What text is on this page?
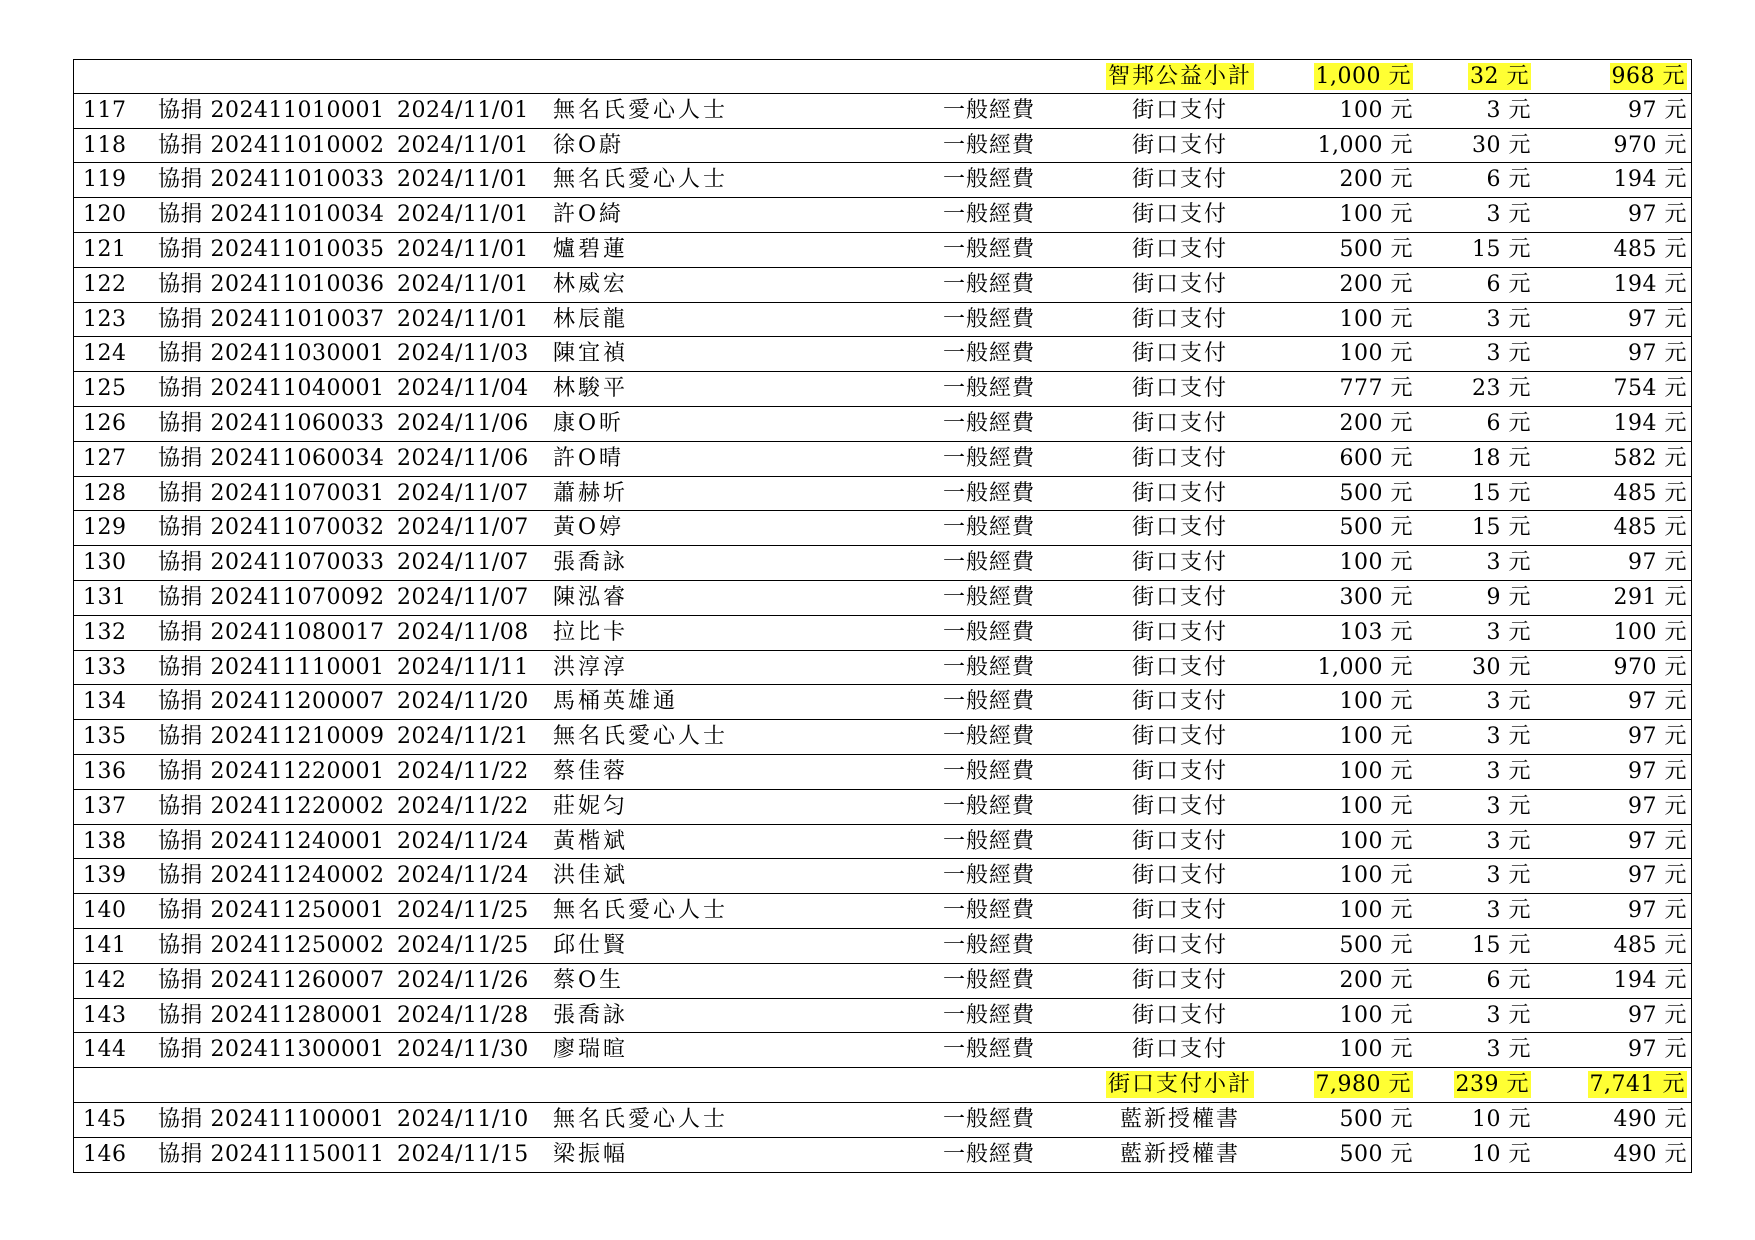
智邦公益小計	1,000 元	32 元	968 元
117 協捐 202411010001 2024/11/01 無名氏愛心人士	一般經費	街口支付	100 元	3 元	97 元
118 協捐 202411010002 2024/11/01 徐O蔚	一般經費	街口支付	1,000 元	30 元	970 元
119 協捐 202411010033 2024/11/01 無名氏愛心人士	一般經費	街口支付	200 元	6 元	194 元
120 協捐 202411010034 2024/11/01 許O綺	一般經費	街口支付	100 元	3 元	97 元
121 協捐 202411010035 2024/11/01 爐碧蓮	一般經費	街口支付	500 元	15 元	485 元
122 協捐 202411010036 2024/11/01 林威宏	一般經費	街口支付	200 元	6 元	194 元
123 協捐 202411010037 2024/11/01 林辰龍	一般經費	街口支付	100 元	3 元	97 元
124 協捐 202411030001 2024/11/03 陳宜禎	一般經費	街口支付	100 元	3 元	97 元
125 協捐 202411040001 2024/11/04 林駿平	一般經費	街口支付	777 元	23 元	754 元
126 協捐 202411060033 2024/11/06 康O昕	一般經費	街口支付	200 元	6 元	194 元
127 協捐 202411060034 2024/11/06 許O晴	一般經費	街口支付	600 元	18 元	582 元
128 協捐 202411070031 2024/11/07 蕭赫圻	一般經費	街口支付	500 元	15 元	485 元
129 協捐 202411070032 2024/11/07 黃O婷	一般經費	街口支付	500 元	15 元	485 元
130 協捐 202411070033 2024/11/07 張喬詠	一般經費	街口支付	100 元	3 元	97 元
131 協捐 202411070092 2024/11/07 陳泓睿	一般經費	街口支付	300 元	9 元	291 元
132 協捐 202411080017 2024/11/08 拉比卡	一般經費	街口支付	103 元	3 元	100 元
133 協捐 202411110001 2024/11/11 洪淳淳	一般經費	街口支付	1,000 元	30 元	970 元
134 協捐 202411200007 2024/11/20 馬桶英雄通	一般經費	街口支付	100 元	3 元	97 元
135 協捐 202411210009 2024/11/21 無名氏愛心人士	一般經費	街口支付	100 元	3 元	97 元
136 協捐 202411220001 2024/11/22 蔡佳蓉	一般經費	街口支付	100 元	3 元	97 元
137 協捐 202411220002 2024/11/22 莊妮匀	一般經費	街口支付	100 元	3 元	97 元
138 協捐 202411240001 2024/11/24 黃楷斌	一般經費	街口支付	100 元	3 元	97 元
139 協捐 202411240002 2024/11/24 洪佳斌	一般經費	街口支付	100 元	3 元	97 元
140 協捐 202411250001 2024/11/25 無名氏愛心人士	一般經費	街口支付	100 元	3 元	97 元
141 協捐 202411250002 2024/11/25 邱仕賢	一般經費	街口支付	500 元	15 元	485 元
142 協捐 202411260007 2024/11/26 蔡O生	一般經費	街口支付	200 元	6 元	194 元
143 協捐 202411280001 2024/11/28 張喬詠	一般經費	街口支付	100 元	3 元	97 元
144 協捐 202411300001 2024/11/30 廖瑞暄	一般經費	街口支付	100 元	3 元	97 元
街口支付小計	7,980 元	239 元	7,741 元
145 協捐 202411100001 2024/11/10 無名氏愛心人士	一般經費	藍新授權書	500 元	10 元	490 元
146 協捐 202411150011 2024/11/15 梁振幅	一般經費	藍新授權書	500 元	10 元	490 元
